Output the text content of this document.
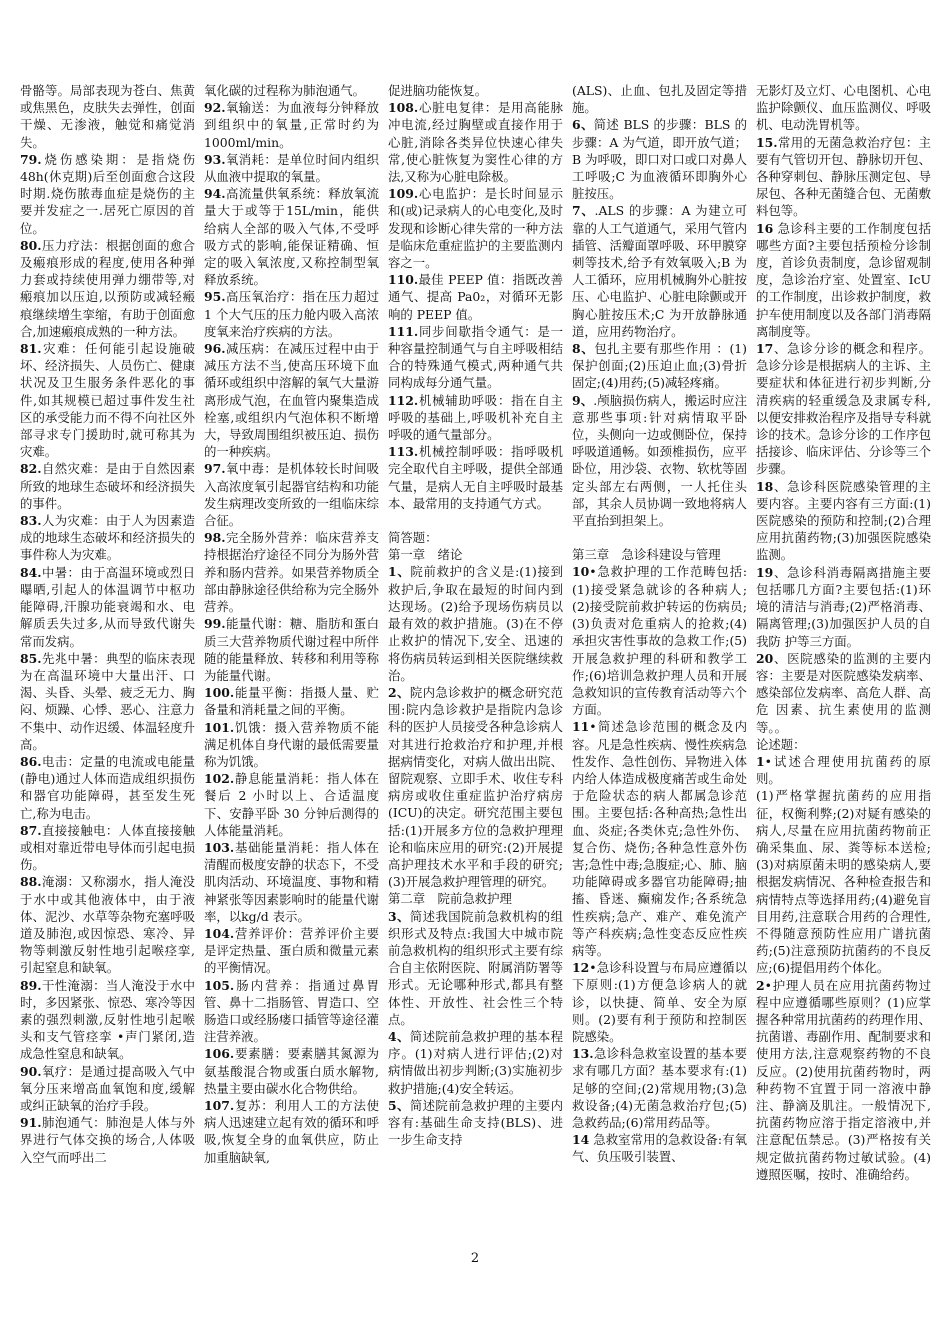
骨骼等。局部表现为苍白、焦黄或焦黑色，皮肤失去弹性，创面干燥、无渗液，触觉和痛觉消失。

79.烧伤感染期：是指烧伤48h(休克期)后至创面愈合这段时期.烧伤脓毒血症是烧伤的主要并发症之一.居死亡原因的首位。

80.压力疗法：根据创面的愈合及瘢痕形成的程度,使用各种弹力套或持续使用弹力绷带等,对瘢痕加以压迫,以预防或减轻瘢痕继续增生挛缩，有助于创面愈合,加速瘢痕成熟的一种方法。

81.灾难：任何能引起设施破坏、经济损失、人员伤亡、健康状况及卫生服务条件恶化的事件,如其规模已超过事件发生社区的承受能力而不得不向社区外部寻求专门援助时,就可称其为灾难。

82.自然灾难：是由于自然因素所致的地球生态破坏和经济损失的事件。

83.人为灾难：由于人为因素造成的地球生态破坏和经济损失的事件称人为灾难。

84.中暑：由于高温环境或烈日曝晒,引起人的体温调节中枢功能障碍,汗腺功能衰竭和水、电解质丢失过多,从而导致代谢失常而发病。

85.先兆中暑：典型的临床表现为在高温环境中大量出汗、口渴、头昏、头晕、疲乏无力、胸闷、烦躁、心悸、恶心、注意力不集中、动作迟缓、体温轻度升高。

86.电击：定量的电流或电能量(静电)通过人体而造成组织损伤和器官功能障碍，甚至发生死亡,称为电击。

87.直接接触电：人体直接接触或相对靠近带电导体而引起电损伤。

88.淹溺：又称溺水，指人淹没于水中或其他液体中，由于液体、泥沙、水草等杂物充塞呼吸道及肺泡,或因惊恐、寒冷、异物等刺激反射性地引起喉痉挛,引起窒息和缺氧。

89.干性淹溺：当人淹没于水中时，多因紧张、惊恐、寒冷等因素的强烈刺激,反射性地引起喉头和支气管痉挛 •声门紧闭,造成急性窒息和缺氧。

90.氧疗：是通过提高吸入气中氧分压来增高血氧饱和度,缓解或纠正缺氧的治疗手段。

91.肺泡通气：肺泡是人体与外界进行气体交换的场合,人体吸入空气而呼出二

氧化碳的过程称为肺泡通气。

92.氧输送：为血液每分钟释放到组织中的氧量,正常时约为1000ml/min。

93.氧消耗：是单位时间内组织从血液中提取的氧量。

94.高流量供氧系统：释放氧流量大于或等于15L/min，能供给病人全部的吸入气体,不受呼吸方式的影响,能保证精确、恒定的吸入氧浓度,又称控制型氧释放系统。

95.高压氧治疗：指在压力超过 1 个大气压的压力舱内吸入高浓度氧来治疗疾病的方法。

96.减压病：在减压过程中由于减压方法不当,使高压环境下血循环或组织中溶解的氧气大量游离形成气泡，在血管内聚集造成栓塞,或组织内气泡体积不断增大，导致周围组织被压迫、损伤的一种疾病。

97.氧中毒：是机体较长时间吸入高浓度氧引起器官结构和功能发生病理改变所致的一组临床综合征。

98.完全肠外营养：临床营养支持根据治疗途径不同分为肠外营养和肠内营养。如果营养物质全部由静脉途径供给称为完全肠外营养。

99.能量代谢：糖、脂肪和蛋白质三大营养物质代谢过程中所伴随的能量释放、转移和利用等称为能量代谢。

100.能量平衡：指摄人量、贮备量和消耗量之间的平衡。

101.饥饿：摄入营养物质不能满足机体自身代谢的最低需要量称为饥饿。

102.静息能量消耗：指人体在餐后 2 小时以上、合适温度下、安静平卧 30 分钟后测得的人体能量消耗。

103.基础能量消耗：指人体在清醒而极度安静的状态下，不受肌肉活动、环境温度、事物和精神紧张等因素影响时的能量代谢率，以kg/d 表示。

104.营养评价：营养评价主要是评定热量、蛋白质和微量元素的平衡情况。

105.肠内营养：指通过鼻胃管、鼻十二指肠管、胃造口、空肠造口或经肠瘘口插管等途径灌注营养液。

106.要素膳：要素膳其氮源为氨基酸混合物或蛋白质水解物,热量主要由碳水化合物供给。

107.复苏：利用人工的方法使病人迅速建立起有效的循环和呼吸,恢复全身的血氧供应，防止加重脑缺氧,

促进脑功能恢复。

108.心脏电复律：是用高能脉冲电流,经过胸壁或直接作用于心脏,消除各类异位快速心律失常,使心脏恢复为窦性心律的方法,又称为心脏电除极。

109.心电监护：是长时间显示和(或)记录病人的心电变化,及时发现和诊断心律失常的一种方法是临床危重症监护的主要监测内容之一。

110.最佳 PEEP 值：指既改善通气、提高 Pa0₂，对循环无影响的 PEEP 值。

111.同步间歇指令通气：是一种容量控制通气与自主呼吸相结合的特殊通气模式,两种通气共同构成每分通气量。

112.机械辅助呼吸：指在自主呼吸的基础上,呼吸机补充自主呼吸的通气量部分。

113.机械控制呼吸：指呼吸机完全取代自主呼吸，提供全部通气量，是病人无自主呼吸时最基本、最常用的支持通气方式。

简答题：

第一章　绪论

1、院前救护的含义是:(1)接到救护后,争取在最短的时间内到达现场。(2)给予现场伤病员以最有效的救护措施。(3)在不停止救护的情况下,安全、迅速的将伤病员转运到相关医院继续救治。

2、院内急诊救护的概念研究范围:院内急诊救护是指院内急诊科的医护人员接受各种急诊病人 对其进行抢救治疗和护理,并根据病情变化，对病人做出出院、留院观察、立即手术、收住专科病房或收住重症监护治疗病房(ICU)的决定。研究范围主要包括:(1)开展多方位的急救护理理论和临床应用的研究:(2)开展提高护理技术水平和手段的研究;(3)开展急救护理管理的研究。

第二章　院前急救护理

3、简述我国院前急救机构的组织形式及特点:我国大中城市院前急救机构的组织形式主要有综合自主依附医院、附属消防署等形式。无论哪种形式,都具有整体性、开放性、社会性三个特点。

4、简述院前急救护理的基本程序。(1)对病人进行评估;(2)对病情做出初步判断;(3)实施初步救护措施;(4)安全转运。

5、简述院前急救护理的主要内容有:基础生命支持(BLS)、进一步生命支持

(ALS)、止血、包扎及固定等措施。

6、简述 BLS 的步骤：BLS 的步骤：A 为气道，即开放气道；B 为呼吸，即口对口或口对鼻人工呼吸;C 为血液循环即胸外心脏按压。

7、.ALS 的步骤：A 为建立可靠的人工气道通气，采用气管内插管、活瓣面罩呼吸、环甲膜穿刺等技术,给予有效氧吸入;B 为人工循环，应用机械胸外心脏按压、心电监护、心脏电除颤或开胸心脏按压术;C 为开放静脉通道，应用药物治疗。

8、包扎主要有那些作用 ：(1)保护创面;(2)压迫止血;(3)骨折固定;(4)用药;(5)减轻疼痛。

9、.颅脑损伤病人，搬运时应注意那些事项:针对病情取平卧位，头侧向一边或侧卧位，保持呼吸道通畅。如颈椎损伤，应平卧位，用沙袋、衣物、软枕等固定头部左右两侧，一人托住头部，其余人员协调一致地将病人平直抬到担架上。

第三章　急诊科建设与管理

10•急救护理的工作范畴包括:(1)接受紧急就诊的各种病人;(2)接受院前救护转运的伤病员;(3)负责对危重病人的抢救;(4)承担灾害性事故的急救工作;(5)开展急救护理的科研和教学工作;(6)培训急救护理人员和开展急救知识的宣传教育活动等六个方面。

11•简述急诊范围的概念及内容。凡是急性疾病、慢性疾病急性发作、急性创伤、异物进入体内给人体造成极度痛苦或生命处于危险状态的病人都属急诊范围。主要包括:各种高热;急性出血、炎症;各类休克;急性外伤、复合伤、烧伤;各种急性意外伤害;急性中毒;急腹症;心、肺、脑功能障碍或多器官功能障碍;抽搐、昏迷、癫痫发作;各系统急性疾病;急产、难产、难免流产等产科疾病;急性变态反应性疾病等。

12•急诊科设置与布局应遵循以下原则:(1)方便急诊病人的就诊，以快捷、简单、安全为原则。(2)要有利于预防和控制医院感染。

13.急诊科急救室设置的基本要求有哪几方面？基本要求有:(1)足够的空间;(2)常规用物;(3)急救设备;(4)无菌急救治疗包;(5)急救药品;(6)常用药品等。

14 急救室常用的急救设备:有氧气、负压吸引装置、

无影灯及立灯、心电图机、心电监护除颤仪、血压监测仪、呼吸机、电动洗胃机等。

15.常用的无菌急救治疗包：主要有气管切开包、静脉切开包、各种穿刺包、静脉压测定包、导尿包、各种无菌缝合包、无菌敷料包等。

16 急诊科主要的工作制度包括哪些方面?主要包括预检分诊制度，首诊负责制度，急诊留观制度，急诊治疗室、处置室、IcU 的工作制度，出诊救护制度，救护车使用制度以及各部门消毒隔离制度等。

17、急诊分诊的概念和程序。急诊分诊是根据病人的主诉、主要症状和体征进行初步判断,分清疾病的轻重缓急及隶属专科,以便安排救治程序及指导专科就诊的技术。急诊分诊的工作序包括接诊、临床评估、分诊等三个步骤。

18、急诊科医院感染管理的主要内容。主要内容有三方面:(1)医院感染的预防和控制;(2)合理应用抗菌药物;(3)加强医院感染监测。

19、急诊科消毒隔离措施主要包括哪几方面?主要包括:(1)环境的清洁与消毒;(2)严格消毒、隔离管理;(3)加强医护人员的自我防 护等三方面。

20、医院感染的监测的主要内容：主要是对医院感染发病率、感染部位发病率、高危人群、高危 因素、抗生素使用的监测等。。

论述题：

1•试述合理使用抗菌药的原则。

(1)严格掌握抗菌药的应用指征，权衡利弊;(2)对疑有感染的病人,尽量在应用抗菌药物前正确采集血、尿、粪等标本送检;(3)对病原菌未明的感染病人,要根据发病情况、各种检查报告和病情特点等选择用药;(4)避免盲目用药,注意联合用药的合理性,不得随意预防性应用广谱抗菌药;(5)注意预防抗菌药的不良反应;(6)提倡用药个体化。

2•护理人员在应用抗菌药物过程中应遵循哪些原则？(1)应掌握各种常用抗菌药的药理作用、抗菌谱、毒副作用、配制要求和使用方法,注意观察药物的不良反应。(2)使用抗菌药物时，两种药物不宜置于同一溶液中静注、静滴及肌注。一般情况下,抗菌药物应溶于指定溶液中,并注意配伍禁忌。(3)严格按有关规定做抗菌药物过敏试验。(4)遵照医嘱，按时、准确给药。

2
